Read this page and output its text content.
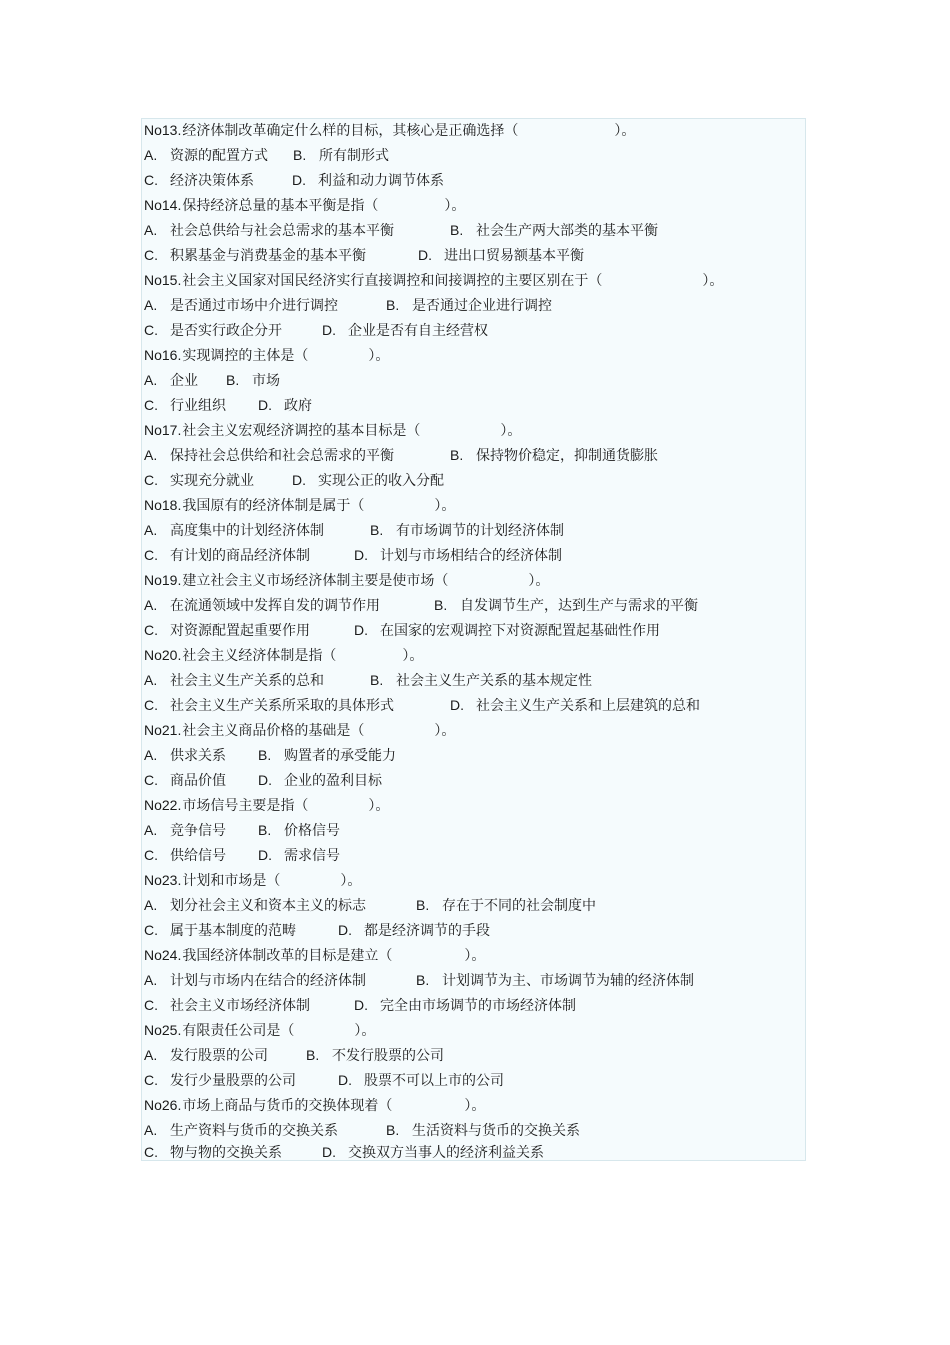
No13.经济体制改革确定什么样的目标，其核心是正确选择（	）。
A. 资源的配置方式 B. 所有制形式
C. 经济决策体系	D. 利益和动力调节体系
No14.保持经济总量的基本平衡是指（	）。
A. 社会总供给与社会总需求的基本平衡	B. 社会生产两大部类的基本平衡
C. 积累基金与消费基金的基本平衡	D. 进出口贸易额基本平衡
No15.社会主义国家对国民经济实行直接调控和间接调控的主要区别在于（	）。
A. 是否通过市场中介进行调控	B. 是否通过企业进行调控
C. 是否实行政企分开	D. 企业是否有自主经营权
No16.实现调控的主体是（	）。
A. 企业 B. 市场
C. 行业组织 D. 政府
No17.社会主义宏观经济调控的基本目标是（	）。
A. 保持社会总供给和社会总需求的平衡	B. 保持物价稳定，抑制通货膨胀
C. 实现充分就业	D. 实现公正的收入分配
No18.我国原有的经济体制是属于（	）。
A. 高度集中的计划经济体制	B. 有市场调节的计划经济体制
C. 有计划的商品经济体制	D. 计划与市场相结合的经济体制
No19.建立社会主义市场经济体制主要是使市场（	）。
A. 在流通领域中发挥自发的调节作用	B. 自发调节生产，达到生产与需求的平衡
C. 对资源配置起重要作用	D. 在国家的宏观调控下对资源配置起基础性作用
No20.社会主义经济体制是指（	）。
A. 社会主义生产关系的总和	B. 社会主义生产关系的基本规定性
C. 社会主义生产关系所采取的具体形式	D. 社会主义生产关系和上层建筑的总和
No21.社会主义商品价格的基础是（	）。
A. 供求关系 B. 购置者的承受能力
C. 商品价值 D. 企业的盈利目标
No22.市场信号主要是指（	）。
A. 竞争信号 B. 价格信号
C. 供给信号 D. 需求信号
No23.计划和市场是（	）。
A. 划分社会主义和资本主义的标志	B. 存在于不同的社会制度中
C. 属于基本制度的范畴	D. 都是经济调节的手段
No24.我国经济体制改革的目标是建立（	）。
A. 计划与市场内在结合的经济体制	B. 计划调节为主、市场调节为辅的经济体制
C. 社会主义市场经济体制	D. 完全由市场调节的市场经济体制
No25.有限责任公司是（	）。
A. 发行股票的公司	B. 不发行股票的公司
C. 发行少量股票的公司	D. 股票不可以上市的公司
No26.市场上商品与货币的交换体现着（	）。
A. 生产资料与货币的交换关系	B. 生活资料与货币的交换关系
C. 物与物的交换关系	D. 交换双方当事人的经济利益关系
